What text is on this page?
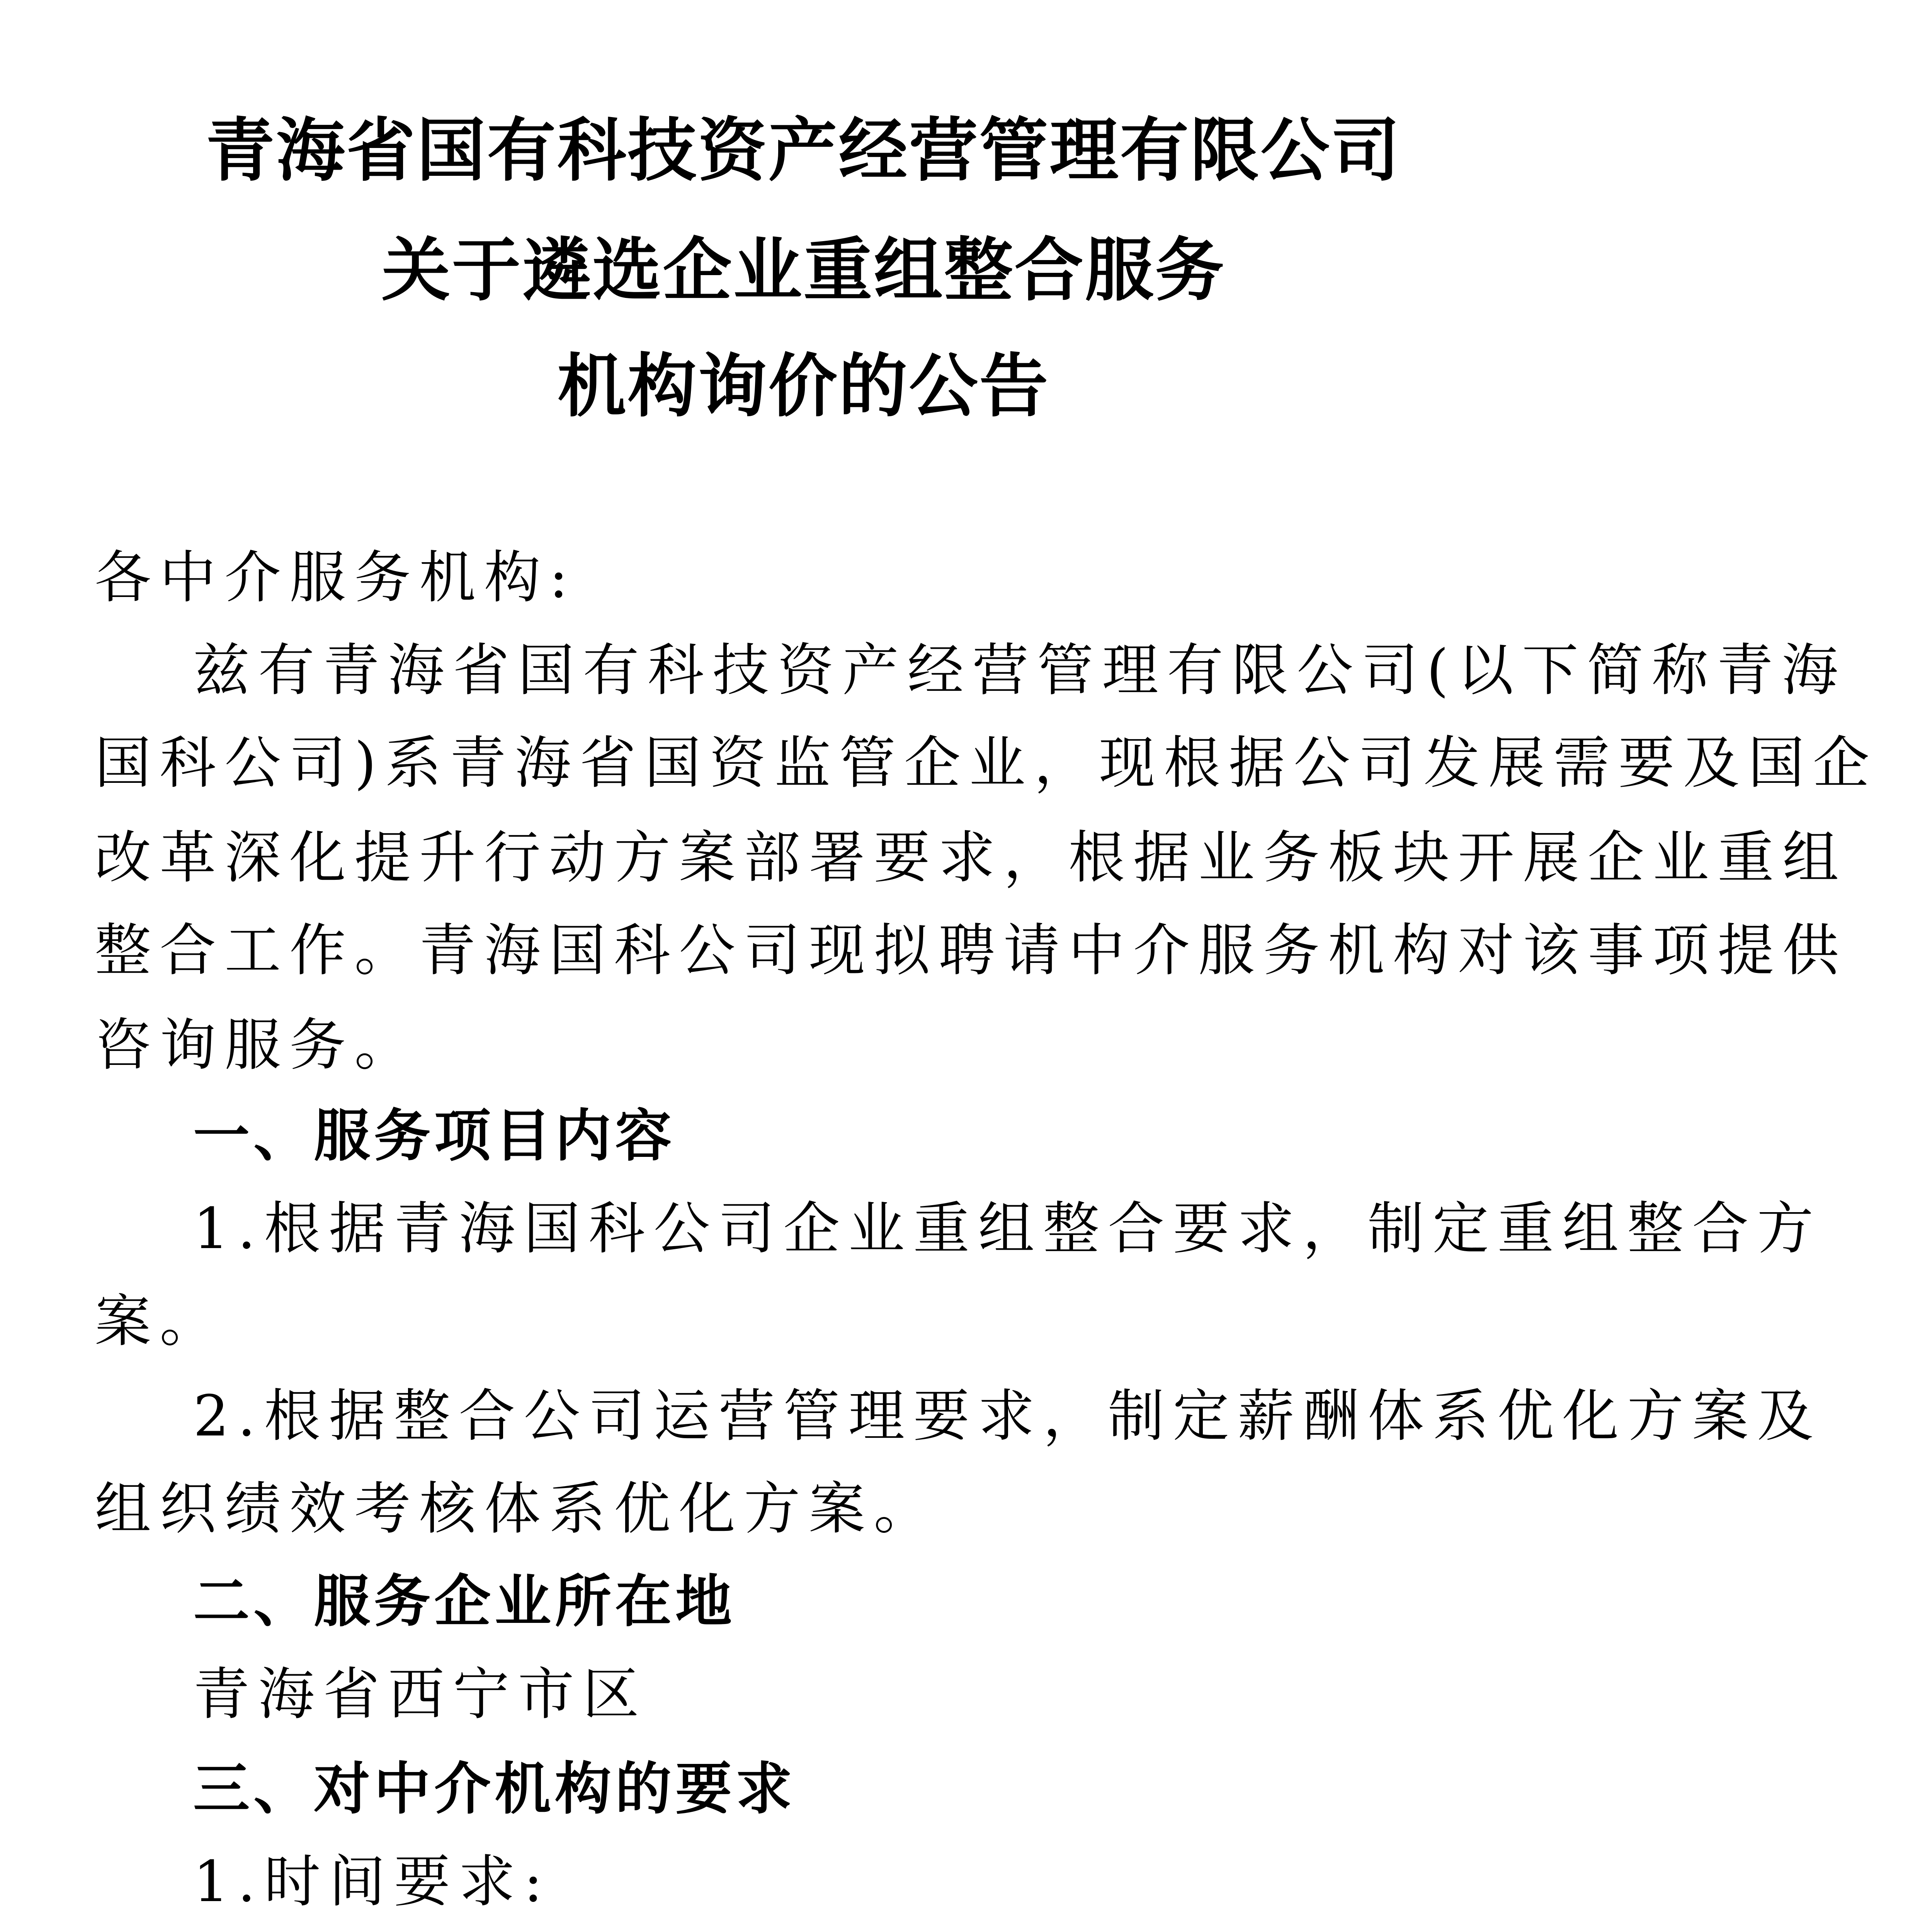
青海省国有科技资产经营管理有限公司
关于遴选企业重组整合服务
机构询价的公告
各中介服务机构:
兹有青海省国有科技资产经营管理有限公司(以下简称青海
国科公司)系青海省国资监管企业，现根据公司发展需要及国企
改革深化提升行动方案部署要求，根据业务板块开展企业重组
整合工作。青海国科公司现拟聘请中介服务机构对该事项提供
咨询服务。
一、服务项目内容
1.根据青海国科公司企业重组整合要求，制定重组整合方
案。
2.根据整合公司运营管理要求，制定薪酬体系优化方案及
组织绩效考核体系优化方案。
二、服务企业所在地
青海省西宁市区
三、对中介机构的要求
1.时间要求:
